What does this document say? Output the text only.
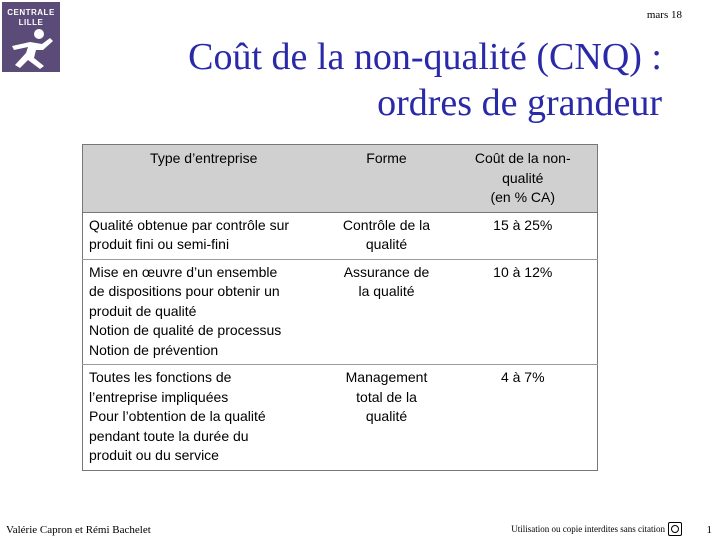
CENTRALE
LILLE
mars 18
Coût de la non-qualité (CNQ) :
ordres de grandeur
Type d’entreprise	Forme	Coût de la non-
qualité
(en % CA)

Qualité obtenue par contrôle sur
produit fini ou semi-fini	Contrôle de la
qualité	15 à 25%

Mise en œuvre d’un ensemble
de dispositions pour obtenir un
produit de qualité
Notion de qualité de processus
Notion de prévention	Assurance de
la qualité	10 à 12%

Toutes les fonctions de
l’entreprise impliquées
Pour l’obtention de la qualité
pendant toute la durée du
produit ou du service	Management
total de la
qualité	4 à 7%
Valérie Capron et Rémi Bachelet	Utilisation ou copie interdites sans citation	1
